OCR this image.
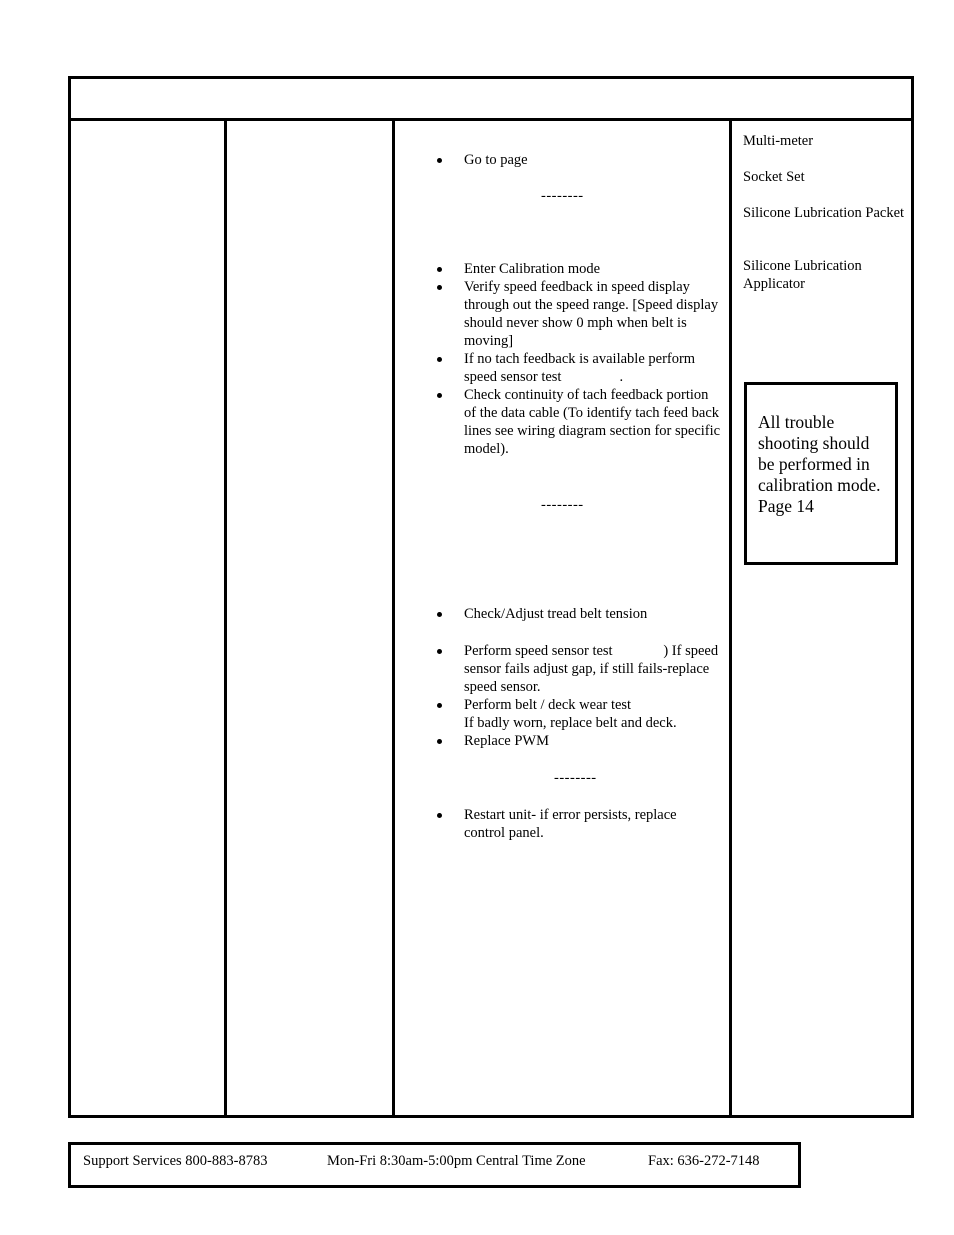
Go to page
--------
Enter Calibration mode
Verify speed feedback in speed display through out the speed range. [Speed display should never show 0 mph when belt is moving]
If no tach feedback is available perform speed sensor test                .
Check continuity of tach feedback portion of the data cable (To identify tach feed back lines see wiring diagram section for specific model).
--------
Check/Adjust tread belt tension
Perform speed sensor test              ) If speed sensor fails adjust gap, if still fails-replace speed sensor.
Perform belt / deck wear test
If badly worn, replace belt and deck.
Replace PWM
--------
Restart unit- if error persists, replace control panel.
Multi-meter
Socket Set
Silicone Lubrication Packet
Silicone Lubrication Applicator
All trouble shooting should be performed in calibration mode.
Page 14
Support Services 800-883-8783	Mon-Fri 8:30am-5:00pm Central Time Zone	Fax: 636-272-7148
